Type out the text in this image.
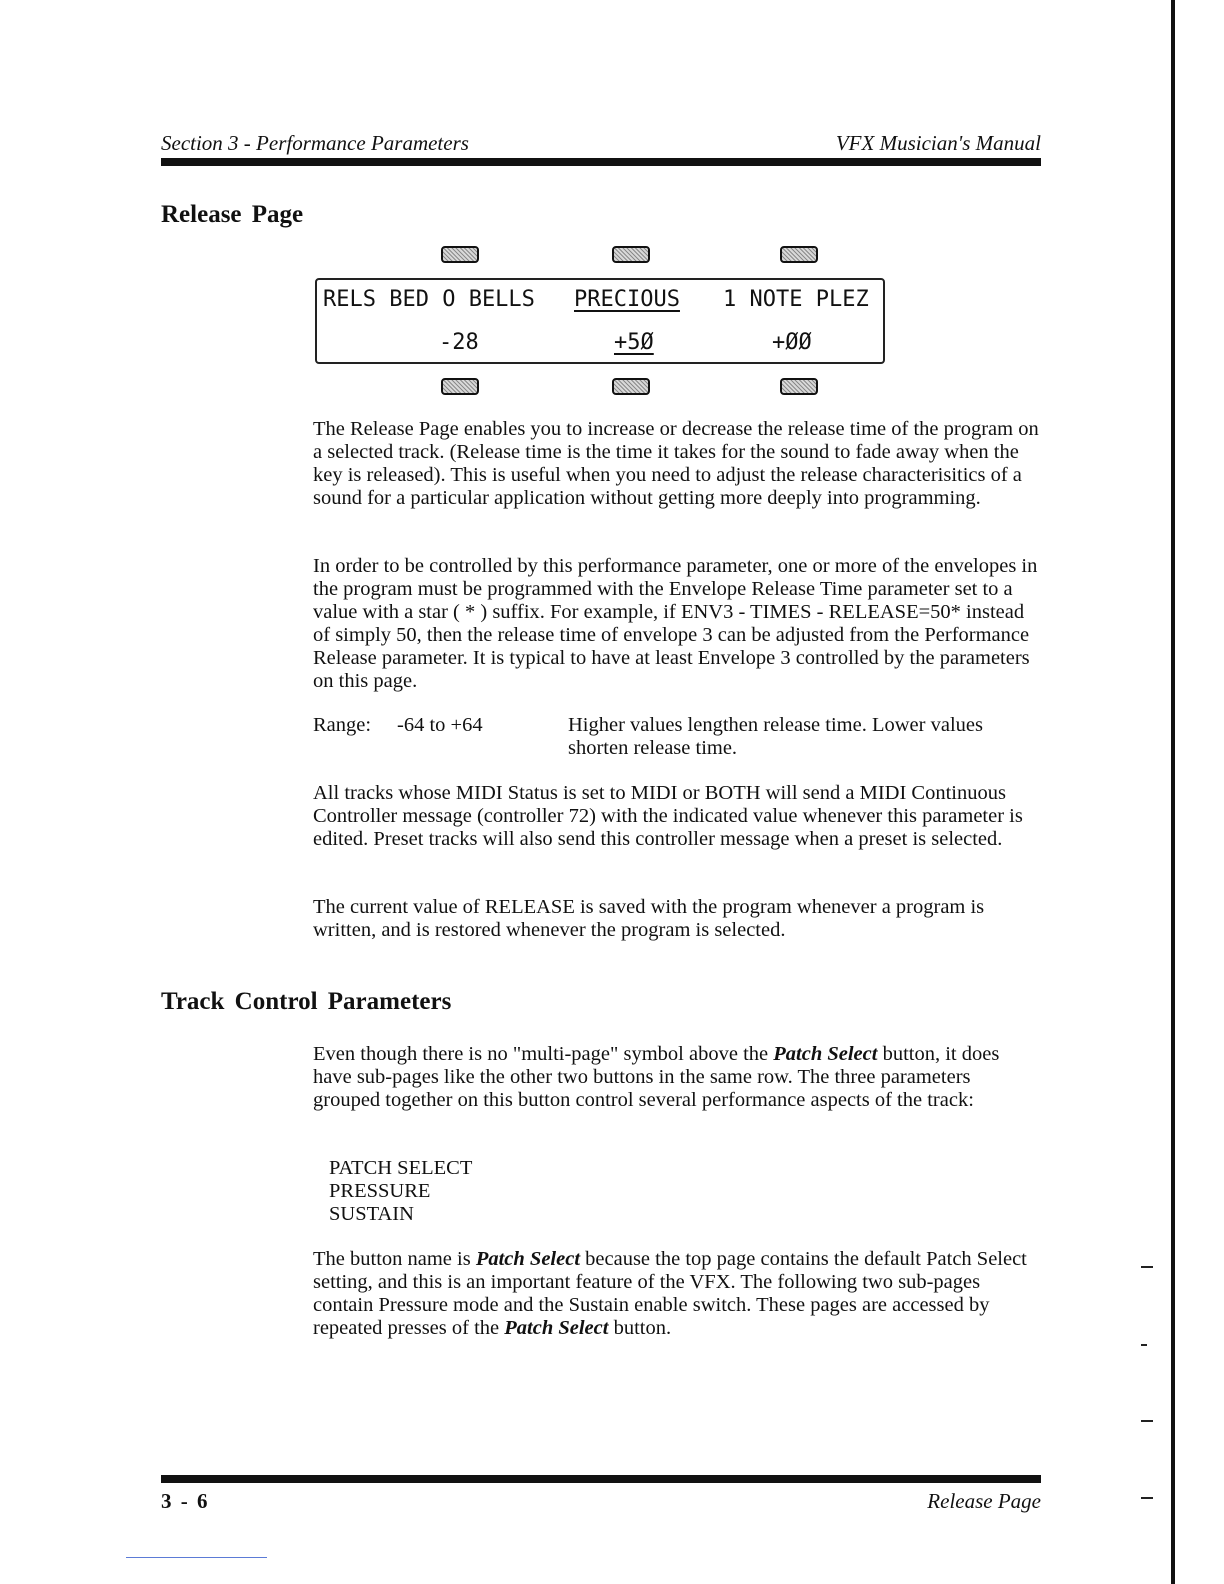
Section 3 - Performance Parameters	VFX Musician's Manual
Release Page
RELS BED O BELLS	PRECIOUS	1 NOTE PLEZ
-28	+5Ø	+ØØ

The Release Page enables you to increase or decrease the release time of the program on a selected track. (Release time is the time it takes for the sound to fade away when the key is released). This is useful when you need to adjust the release characterisitics of a sound for a particular application without getting more deeply into programming.

In order to be controlled by this performance parameter, one or more of the envelopes in the program must be programmed with the Envelope Release Time parameter set to a value with a star ( * ) suffix. For example, if ENV3 - TIMES - RELEASE=50* instead of simply 50, then the release time of envelope 3 can be adjusted from the Performance Release parameter. It is typical to have at least Envelope 3 controlled by the parameters on this page.

Range: -64 to +64	Higher values lengthen release time. Lower values shorten release time.

All tracks whose MIDI Status is set to MIDI or BOTH will send a MIDI Continuous Controller message (controller 72) with the indicated value whenever this parameter is edited. Preset tracks will also send this controller message when a preset is selected.

The current value of RELEASE is saved with the program whenever a program is written, and is restored whenever the program is selected.

Track Control Parameters

Even though there is no "multi-page" symbol above the Patch Select button, it does have sub-pages like the other two buttons in the same row. The three parameters grouped together on this button control several performance aspects of the track:

PATCH SELECT
PRESSURE
SUSTAIN

The button name is Patch Select because the top page contains the default Patch Select setting, and this is an important feature of the VFX. The following two sub-pages contain Pressure mode and the Sustain enable switch. These pages are accessed by repeated presses of the Patch Select button.

3 - 6	Release Page
